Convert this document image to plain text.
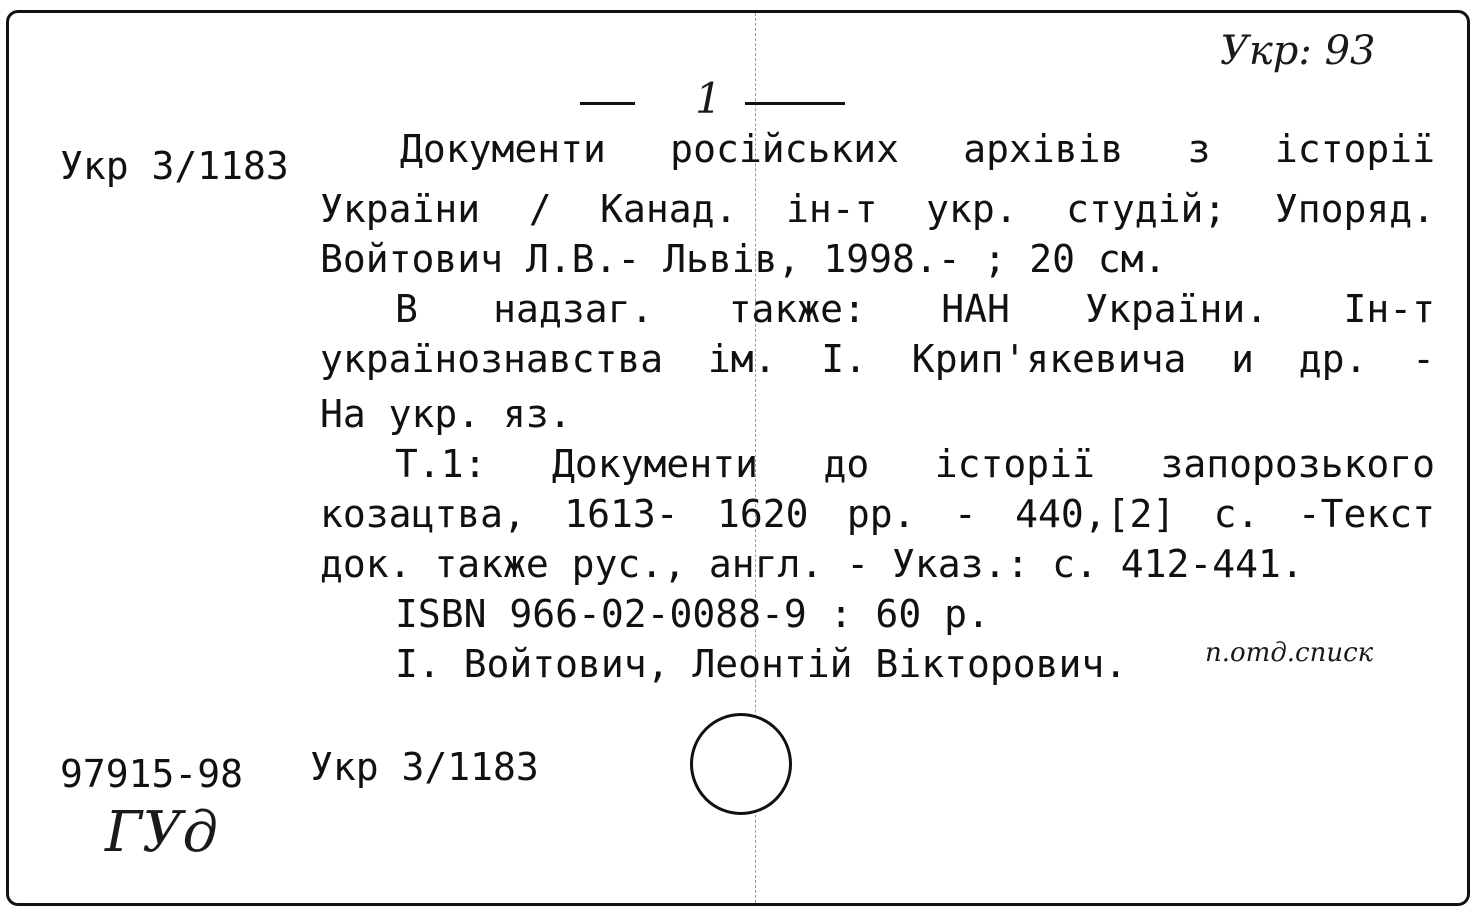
Укр: 93
1
Укр 3/1183	Документи російських архівів з історії
України / Канад. ін-т укр. студій; Упоряд.
Войтович Л.В.- Львів, 1998.- ; 20 см.
В надзаг. также: НАН України. Ін-т
українознавства ім. І. Крип'якевича и др. -
На укр. яз.
Т.1: Документи до історії запорозького
козацтва, 1613- 1620 рр. - 440,[2] с. -Текст
док. также рус., англ. - Указ.: с. 412-441.
ISBN 966-02-0088-9 : 60 р.
І. Войтович, Леонтій Вікторович.	п.отд.списк
97915-98 Укр 3/1183
ГУд
